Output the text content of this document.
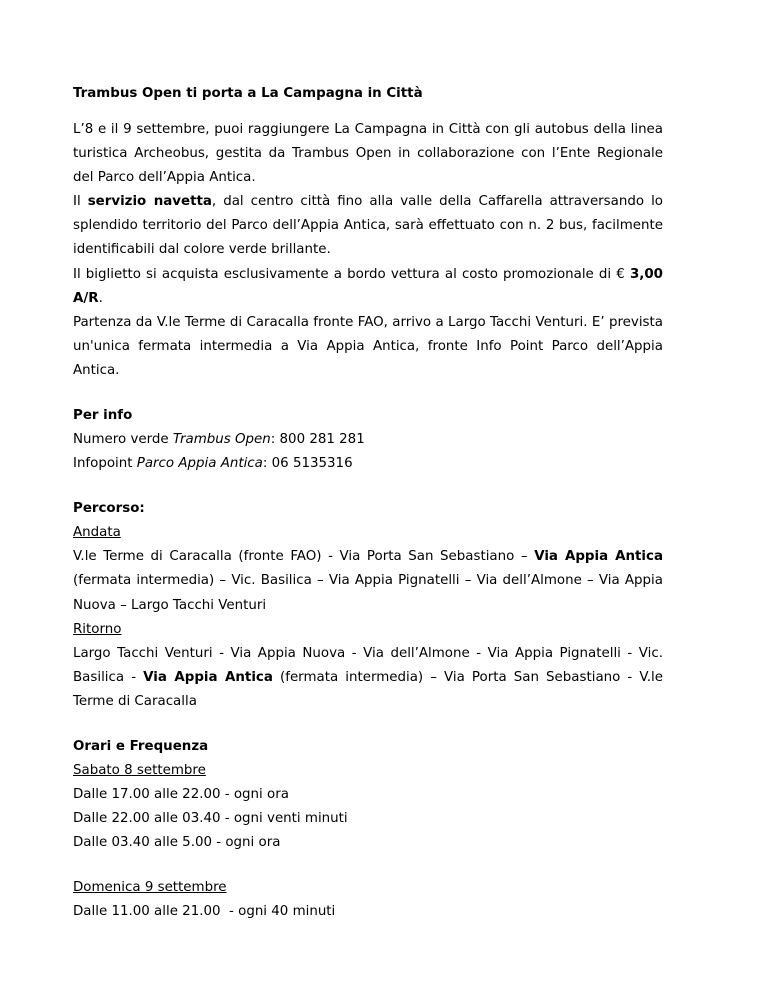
Trambus Open ti porta a La Campagna in Città

L’8 e il 9 settembre, puoi raggiungere La Campagna in Città con gli autobus della linea turistica Archeobus, gestita da Trambus Open in collaborazione con l’Ente Regionale del Parco dell’Appia Antica.

Il servizio navetta, dal centro città fino alla valle della Caffarella attraversando lo splendido territorio del Parco dell’Appia Antica, sarà effettuato con n. 2 bus, facilmente identificabili dal colore verde brillante.

Il biglietto si acquista esclusivamente a bordo vettura al costo promozionale di € 3,00 A/R.

Partenza da V.le Terme di Caracalla fronte FAO, arrivo a Largo Tacchi Venturi. E’ prevista un'unica fermata intermedia a Via Appia Antica, fronte Info Point Parco dell’Appia Antica.

Per info

Numero verde Trambus Open: 800 281 281

Infopoint Parco Appia Antica: 06 5135316

Percorso:

Andata

V.le Terme di Caracalla (fronte FAO) - Via Porta San Sebastiano – Via Appia Antica (fermata intermedia) – Vic. Basilica – Via Appia Pignatelli – Via dell’Almone – Via Appia Nuova – Largo Tacchi Venturi

Ritorno

Largo Tacchi Venturi - Via Appia Nuova - Via dell’Almone - Via Appia Pignatelli - Vic. Basilica - Via Appia Antica (fermata intermedia) – Via Porta San Sebastiano - V.le Terme di Caracalla

Orari e Frequenza

Sabato 8 settembre

Dalle 17.00 alle 22.00 - ogni ora

Dalle 22.00 alle 03.40 - ogni venti minuti

Dalle 03.40 alle 5.00 - ogni ora

Domenica 9 settembre

Dalle 11.00 alle 21.00  - ogni 40 minuti
